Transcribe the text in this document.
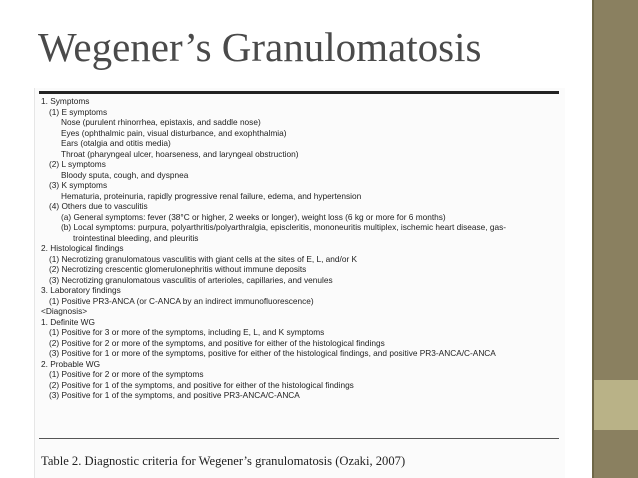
Wegener’s Granulomatosis
1. Symptoms
(1) E symptoms
Nose (purulent rhinorrhea, epistaxis, and saddle nose)
Eyes (ophthalmic pain, visual disturbance, and exophthalmia)
Ears (otalgia and otitis media)
Throat (pharyngeal ulcer, hoarseness, and laryngeal obstruction)
(2) L symptoms
Bloody sputa, cough, and dyspnea
(3) K symptoms
Hematuria, proteinuria, rapidly progressive renal failure, edema, and hypertension
(4) Others due to vasculitis
(a) General symptoms: fever (38°C or higher, 2 weeks or longer), weight loss (6 kg or more for 6 months)
(b) Local symptoms: purpura, polyarthritis/polyarthralgia, episcleritis, mononeuritis multiplex, ischemic heart disease, gas-
trointestinal bleeding, and pleuritis
2. Histological findings
(1) Necrotizing granulomatous vasculitis with giant cells at the sites of E, L, and/or K
(2) Necrotizing crescentic glomerulonephritis without immune deposits
(3) Necrotizing granulomatous vasculitis of arterioles, capillaries, and venules
3. Laboratory findings
(1) Positive PR3-ANCA (or C-ANCA by an indirect immunofluorescence)
<Diagnosis>
1. Definite WG
(1) Positive for 3 or more of the symptoms, including E, L, and K symptoms
(2) Positive for 2 or more of the symptoms, and positive for either of the histological findings
(3) Positive for 1 or more of the symptoms, positive for either of the histological findings, and positive PR3-ANCA/C-ANCA
2. Probable WG
(1) Positive for 2 or more of the symptoms
(2) Positive for 1 of the symptoms, and positive for either of the histological findings
(3) Positive for 1 of the symptoms, and positive PR3-ANCA/C-ANCA

Table 2. Diagnostic criteria for Wegener’s granulomatosis (Ozaki, 2007)
